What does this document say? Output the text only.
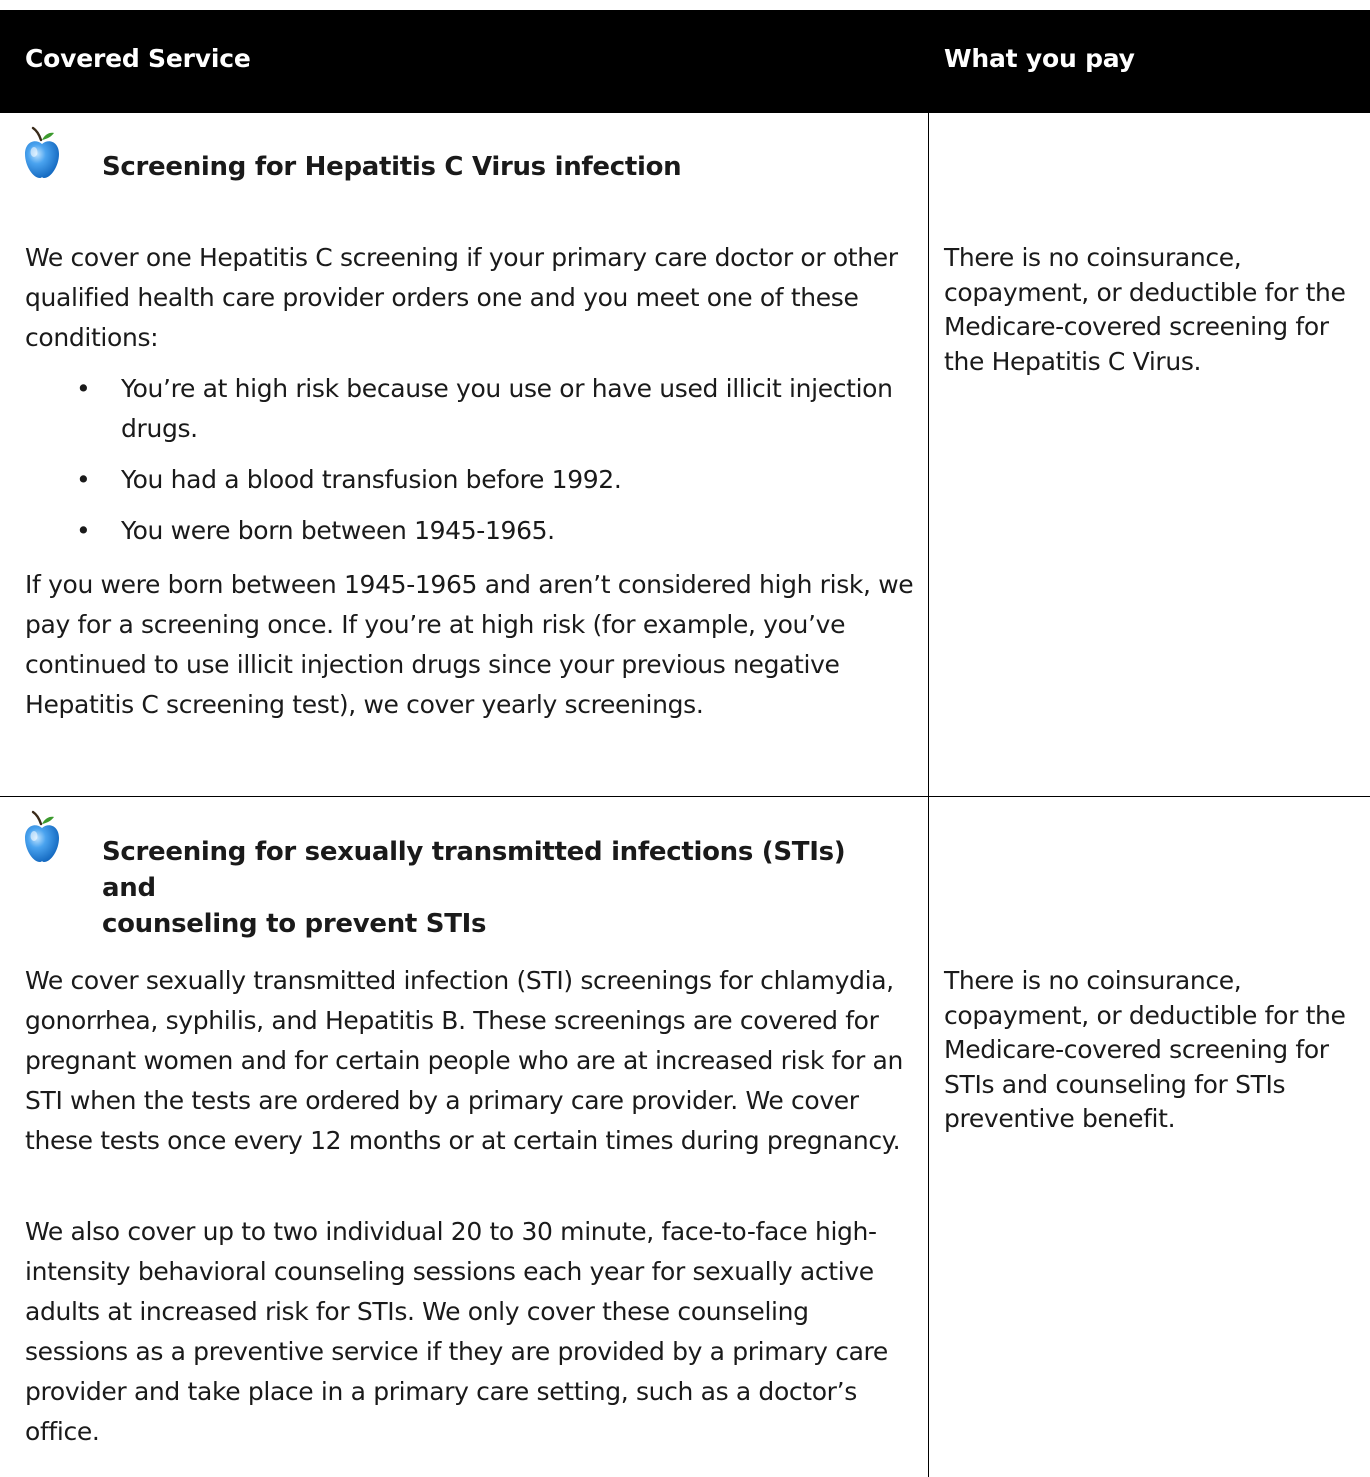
Covered Service	What you pay
Screening for Hepatitis C Virus infection
We cover one Hepatitis C screening if your primary care doctor or other qualified health care provider orders one and you meet one of these conditions:
• You’re at high risk because you use or have used illicit injection drugs.
• You had a blood transfusion before 1992.
• You were born between 1945-1965.
If you were born between 1945-1965 and aren’t considered high risk, we pay for a screening once. If you’re at high risk (for example, you’ve continued to use illicit injection drugs since your previous negative Hepatitis C screening test), we cover yearly screenings.
There is no coinsurance, copayment, or deductible for the Medicare-covered screening for the Hepatitis C Virus.
Screening for sexually transmitted infections (STIs) and
counseling to prevent STIs
We cover sexually transmitted infection (STI) screenings for chlamydia, gonorrhea, syphilis, and Hepatitis B. These screenings are covered for pregnant women and for certain people who are at increased risk for an STI when the tests are ordered by a primary care provider. We cover these tests once every 12 months or at certain times during pregnancy.
We also cover up to two individual 20 to 30 minute, face-to-face high-intensity behavioral counseling sessions each year for sexually active adults at increased risk for STIs. We only cover these counseling sessions as a preventive service if they are provided by a primary care provider and take place in a primary care setting, such as a doctor’s office.
There is no coinsurance, copayment, or deductible for the Medicare-covered screening for STIs and counseling for STIs preventive benefit.
